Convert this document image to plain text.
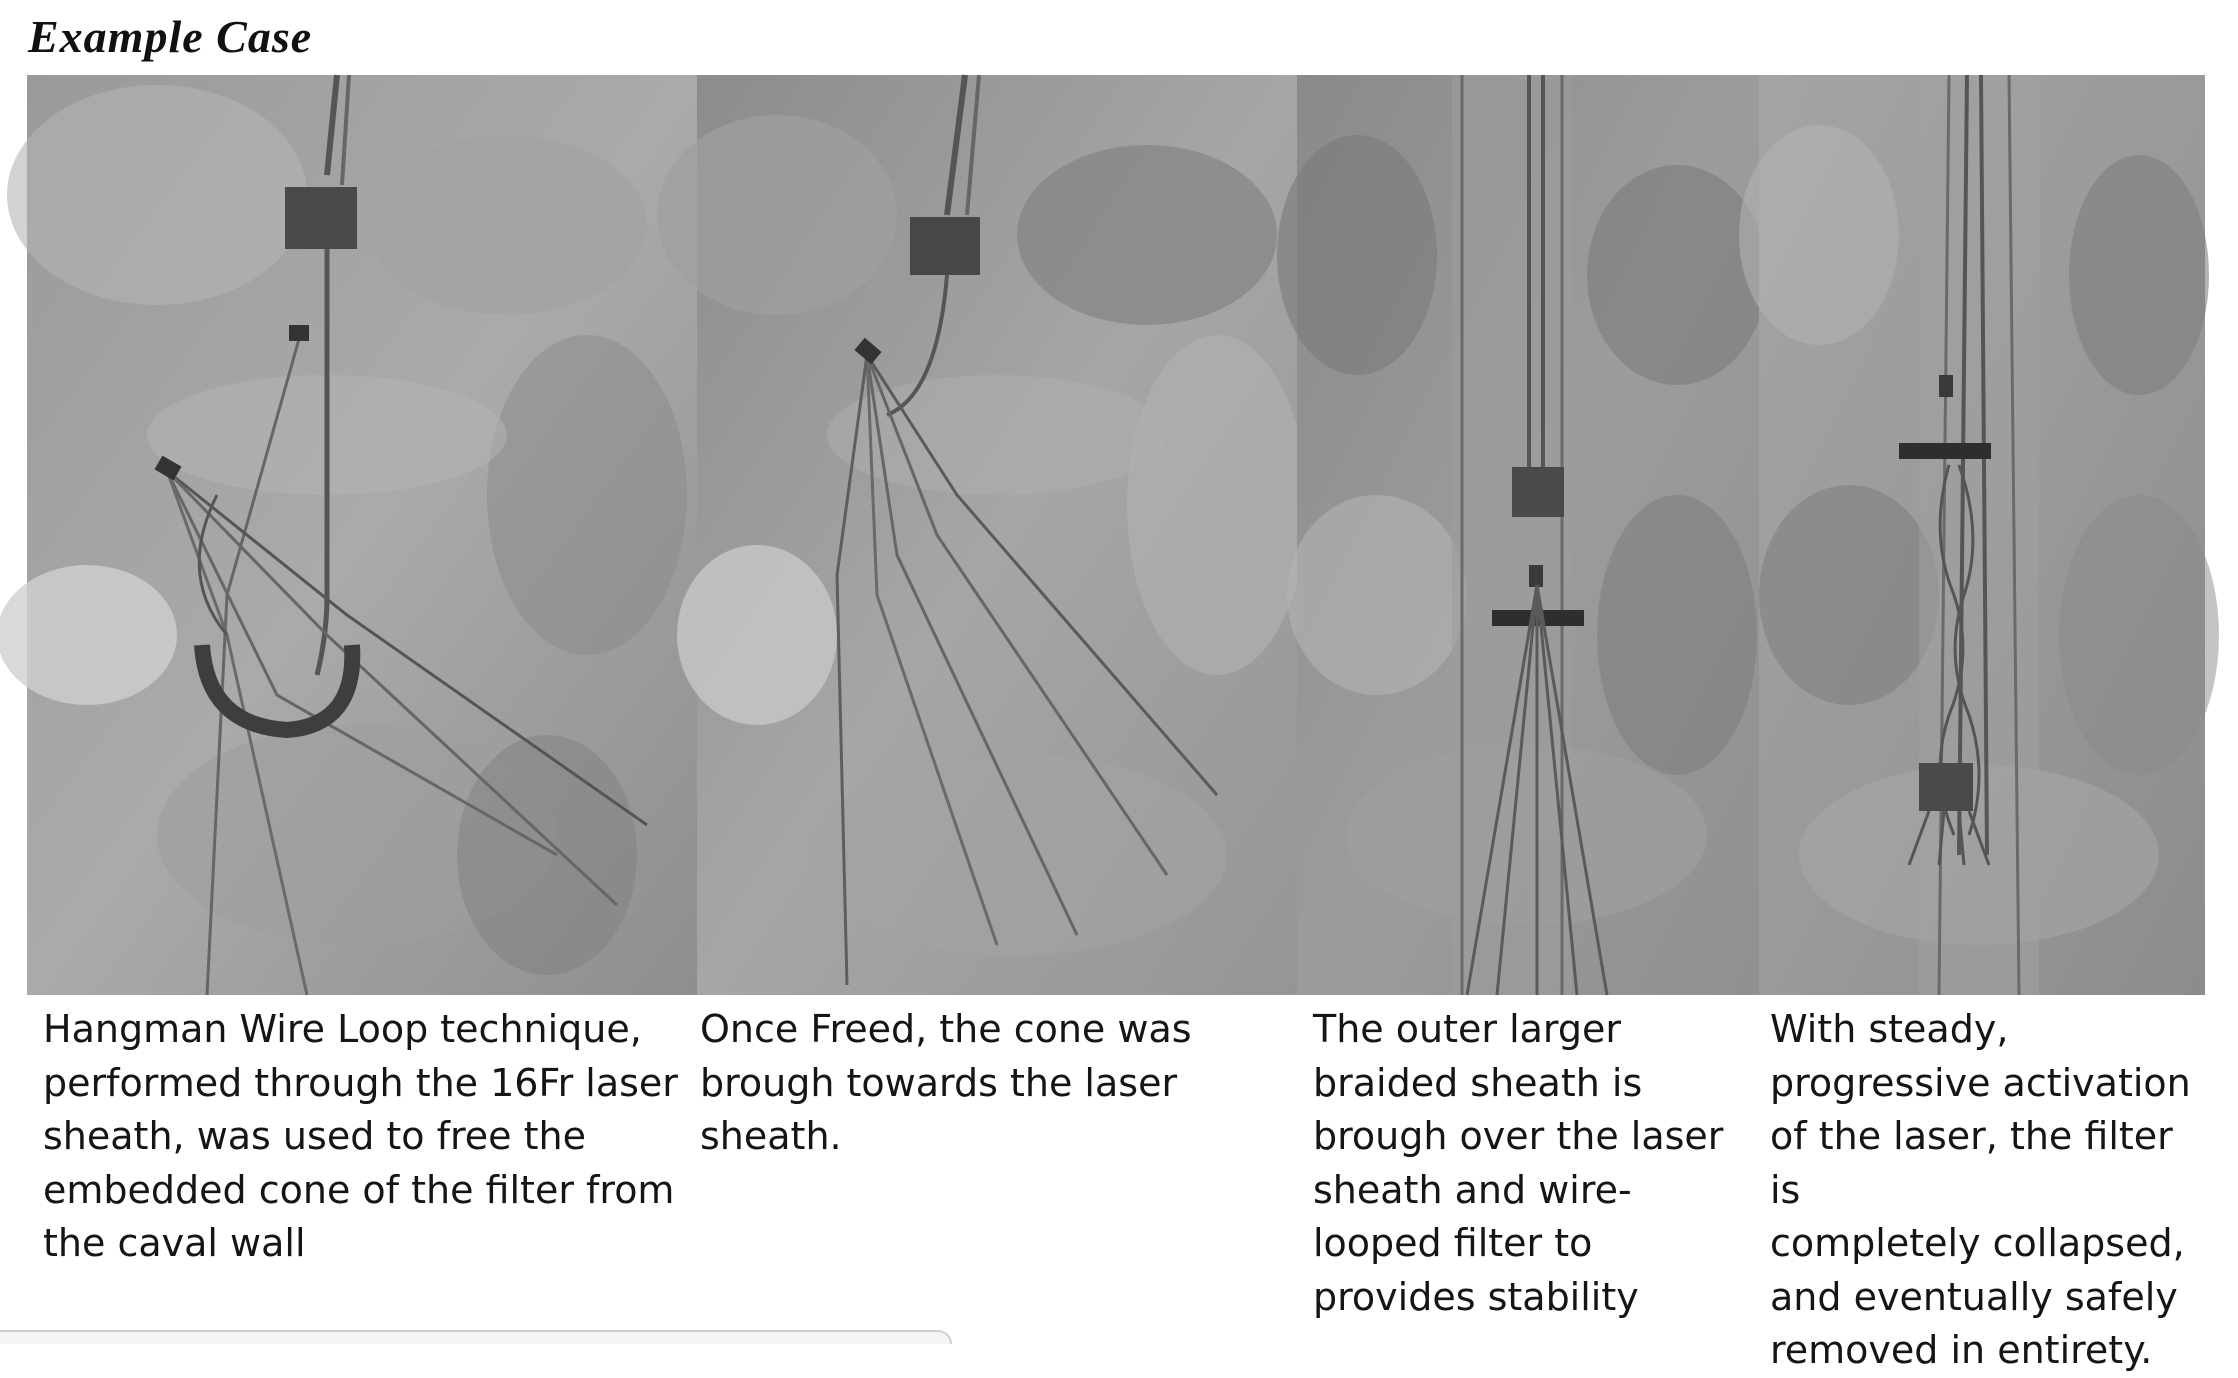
Example Case
Hangman Wire Loop technique,
performed through the 16Fr laser
sheath, was used to free the
embedded cone of the filter from
the caval wall
Once Freed, the cone was
brough towards the laser
sheath.
The outer larger
braided sheath is
brough over the laser
sheath and wire-
looped filter to
provides stability
With steady,
progressive activation
of the laser, the filter is
completely collapsed,
and eventually safely
removed in entirety.
